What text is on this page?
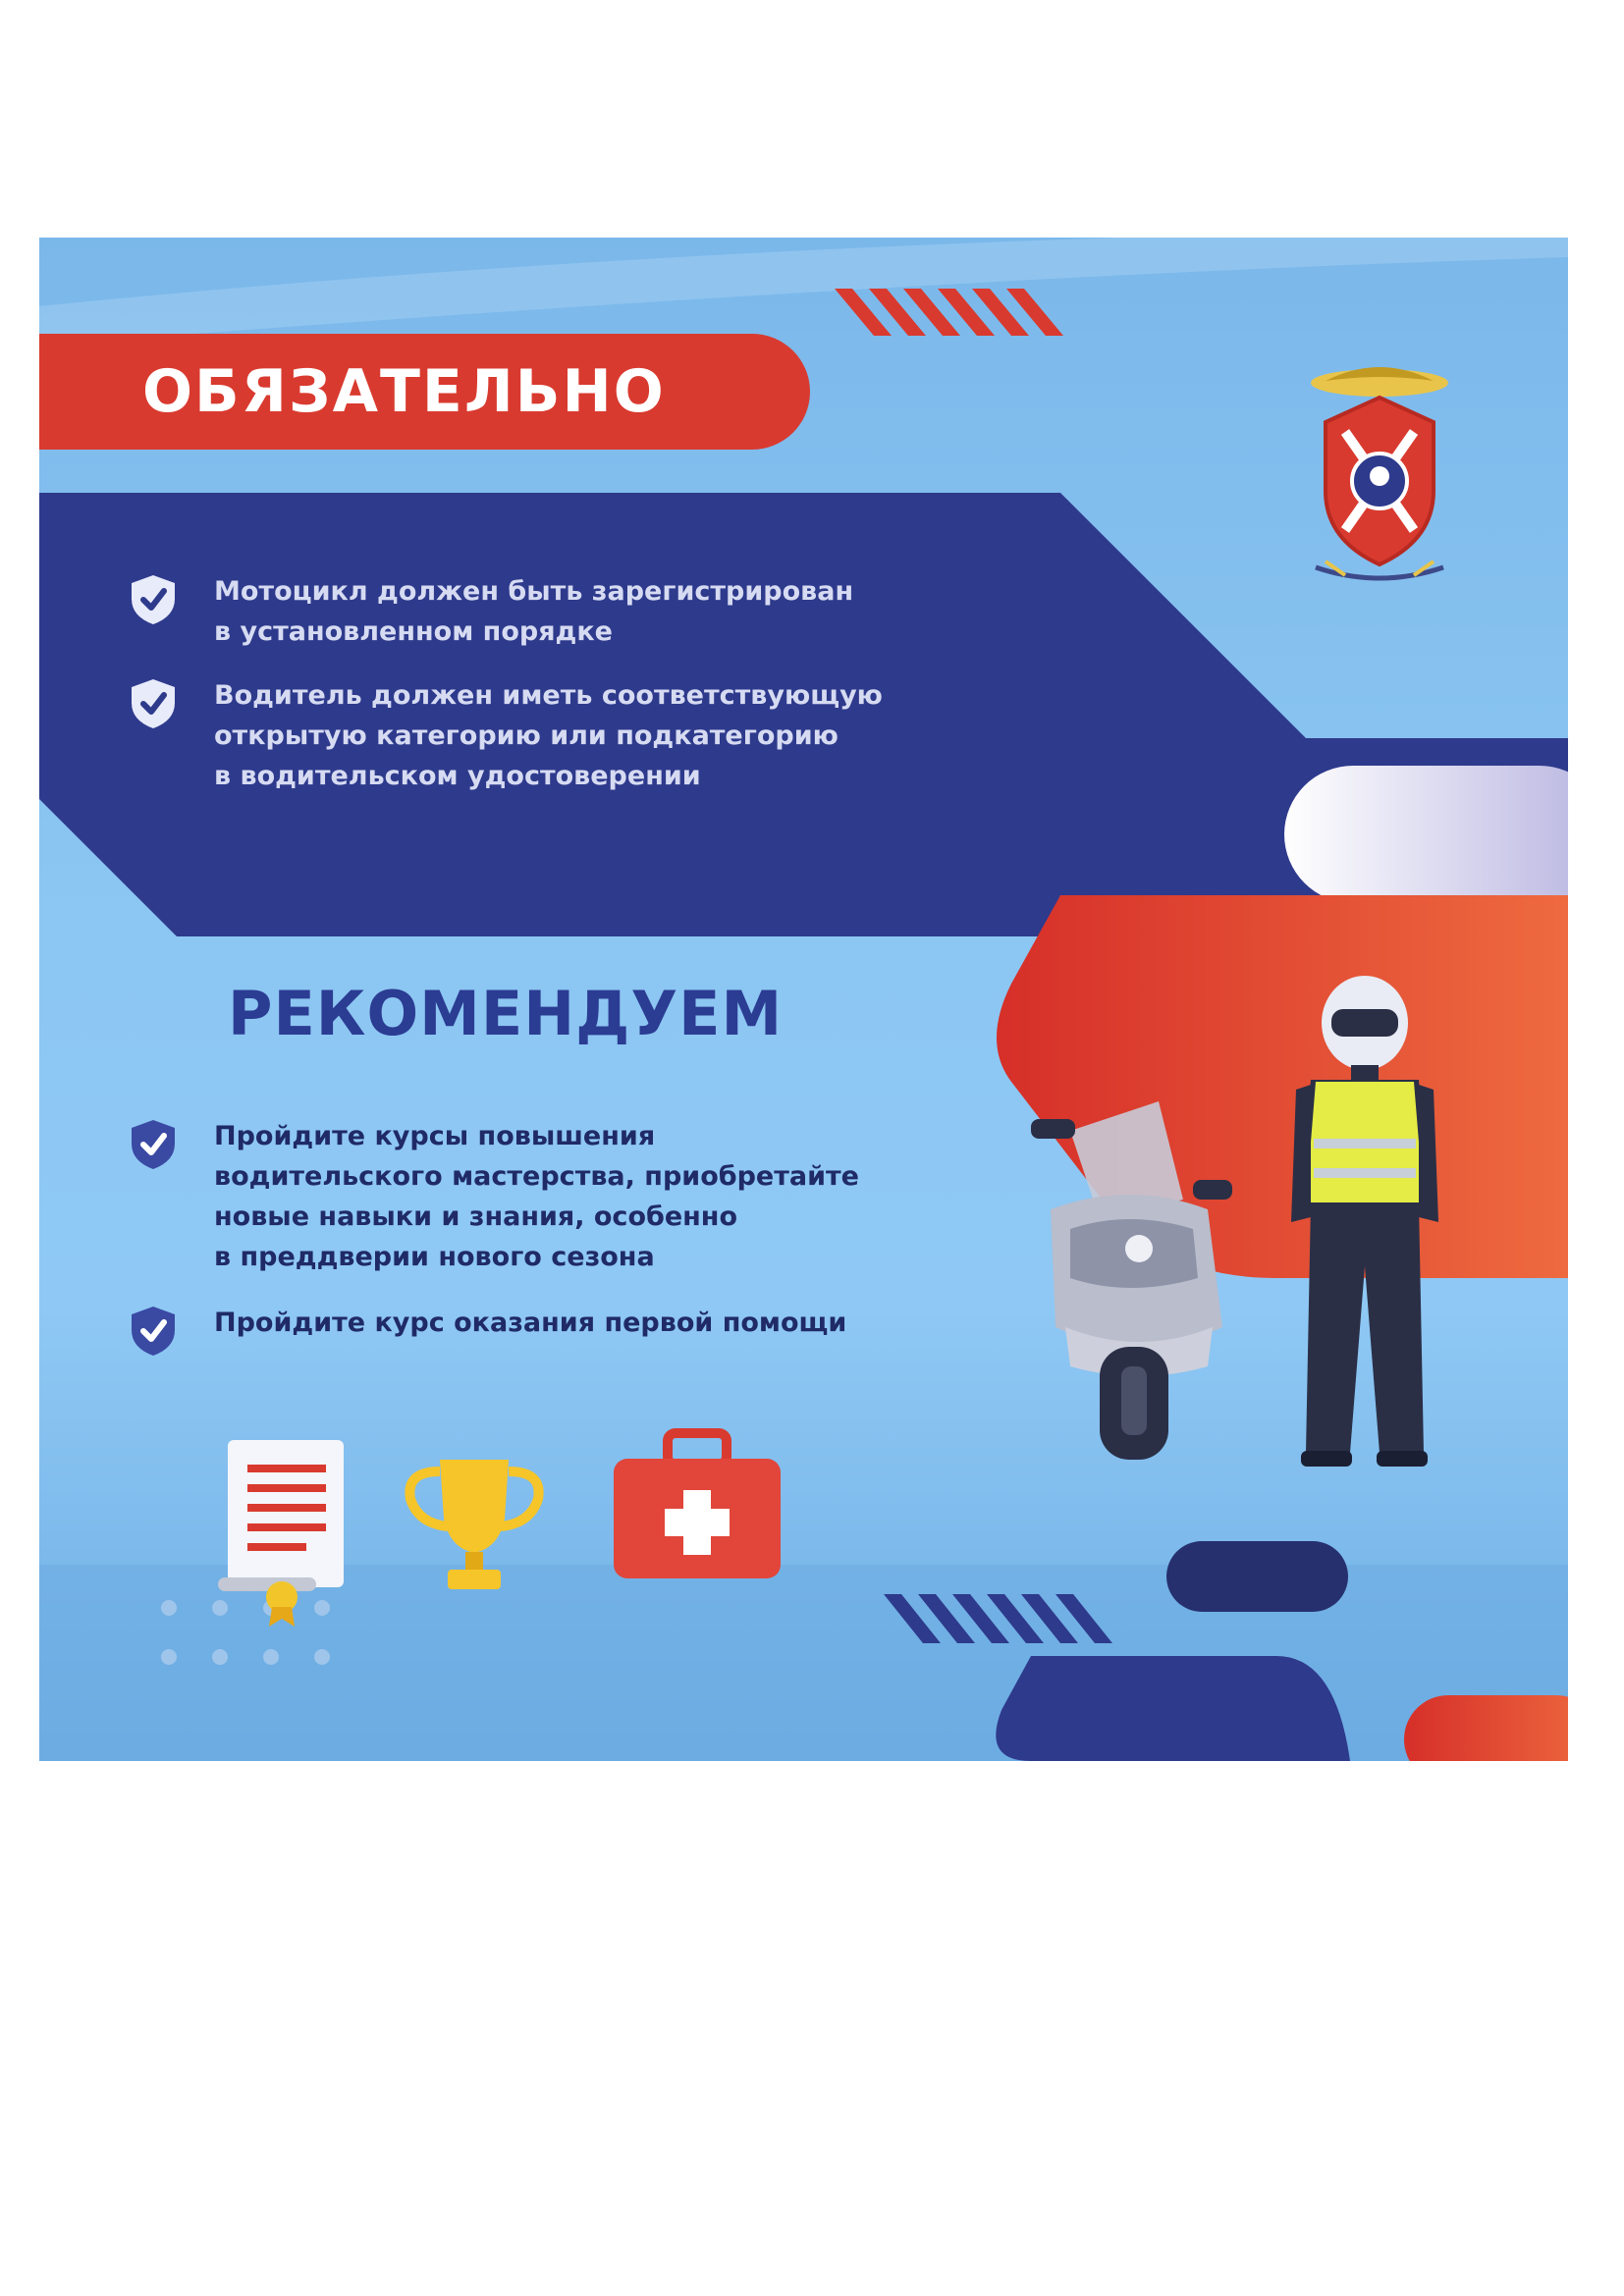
ОБЯЗАТЕЛЬНО
Мотоцикл должен быть зарегистрирован
в установленном порядке
Водитель должен иметь соответствующую
открытую категорию или подкатегорию
в водительском удостоверении
РЕКОМЕНДУЕМ
Пройдите курсы повышения
водительского мастерства, приобретайте
новые навыки и знания, особенно
в преддверии нового сезона
Пройдите курс оказания первой помощи
